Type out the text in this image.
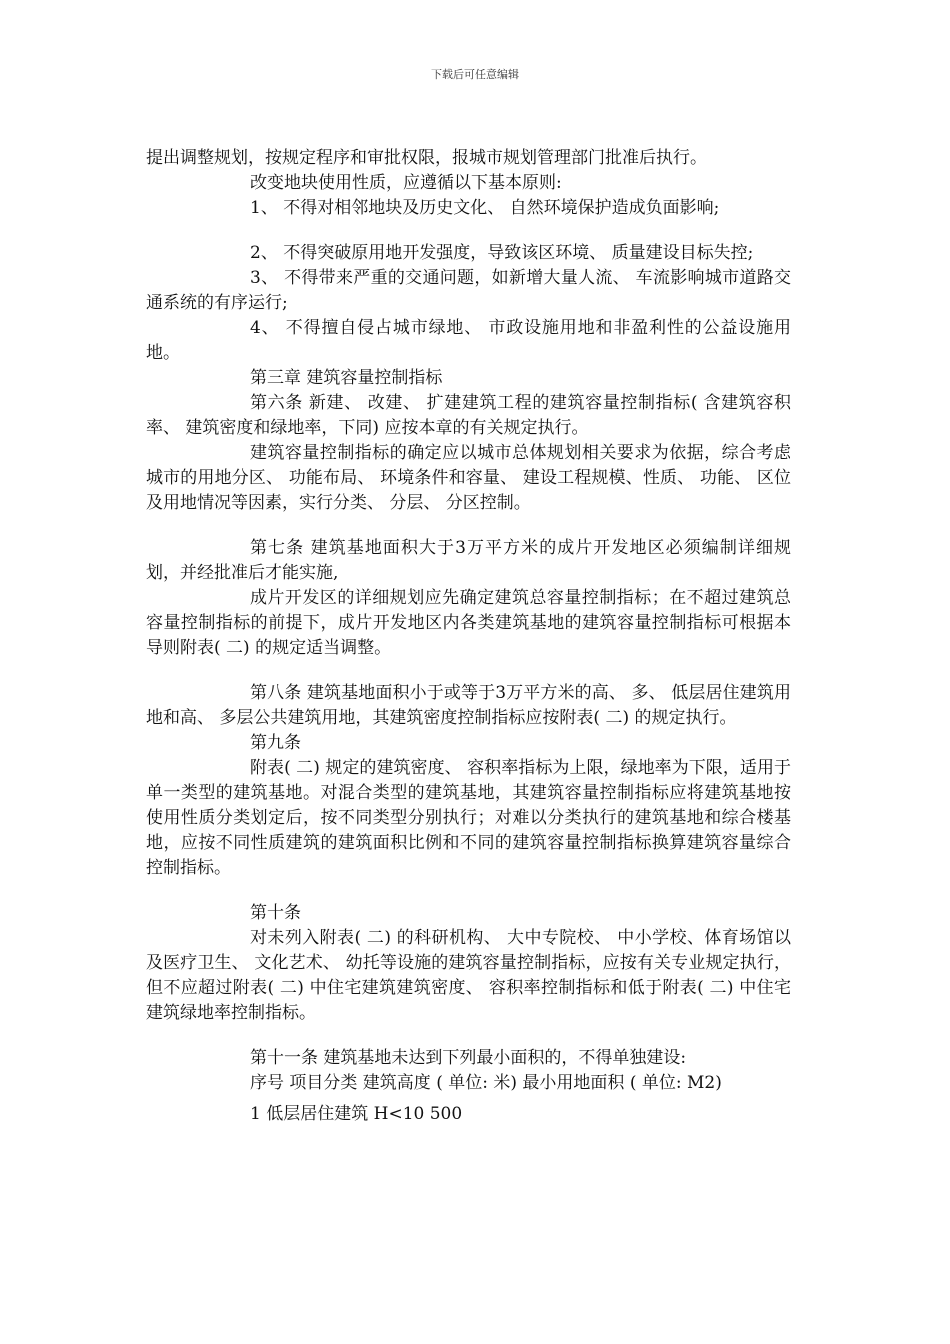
下载后可任意编辑

提出调整规划，按规定程序和审批权限，报城市规划管理部门批准后执行。

改变地块使用性质，应遵循以下基本原则:

1、 不得对相邻地块及历史文化、 自然环境保护造成负面影响;

2、 不得突破原用地开发强度，导致该区环境、 质量建设目标失控;

3、 不得带来严重的交通问题，如新增大量人流、 车流影响城市道路交通系统的有序运行;

4、 不得擅自侵占城市绿地、 市政设施用地和非盈利性的公益设施用地。

第三章 建筑容量控制指标

第六条 新建、 改建、 扩建建筑工程的建筑容量控制指标( 含建筑容积率、 建筑密度和绿地率，下同) 应按本章的有关规定执行。

建筑容量控制指标的确定应以城市总体规划相关要求为依据，综合考虑城市的用地分区、 功能布局、 环境条件和容量、 建设工程规模、性质、 功能、 区位及用地情况等因素，实行分类、 分层、 分区控制。

第七条 建筑基地面积大于3万平方米的成片开发地区必须编制详细规划，并经批准后才能实施,

成片开发区的详细规划应先确定建筑总容量控制指标；在不超过建筑总容量控制指标的前提下，成片开发地区内各类建筑基地的建筑容量控制指标可根据本导则附表( 二) 的规定适当调整。

第八条 建筑基地面积小于或等于3万平方米的高、 多、 低层居住建筑用地和高、 多层公共建筑用地，其建筑密度控制指标应按附表( 二) 的规定执行。

第九条

附表( 二) 规定的建筑密度、 容积率指标为上限，绿地率为下限，适用于单一类型的建筑基地。对混合类型的建筑基地，其建筑容量控制指标应将建筑基地按使用性质分类划定后，按不同类型分别执行；对难以分类执行的建筑基地和综合楼基地，应按不同性质建筑的建筑面积比例和不同的建筑容量控制指标换算建筑容量综合控制指标。

第十条

对未列入附表( 二) 的科研机构、 大中专院校、 中小学校、体育场馆以及医疗卫生、 文化艺术、 幼托等设施的建筑容量控制指标，应按有关专业规定执行，但不应超过附表( 二) 中住宅建筑建筑密度、 容积率控制指标和低于附表( 二) 中住宅建筑绿地率控制指标。

第十一条 建筑基地未达到下列最小面积的，不得单独建设:

序号 项目分类 建筑高度 ( 单位: 米) 最小用地面积 ( 单位: M2)

1 低层居住建筑 H<10 500
